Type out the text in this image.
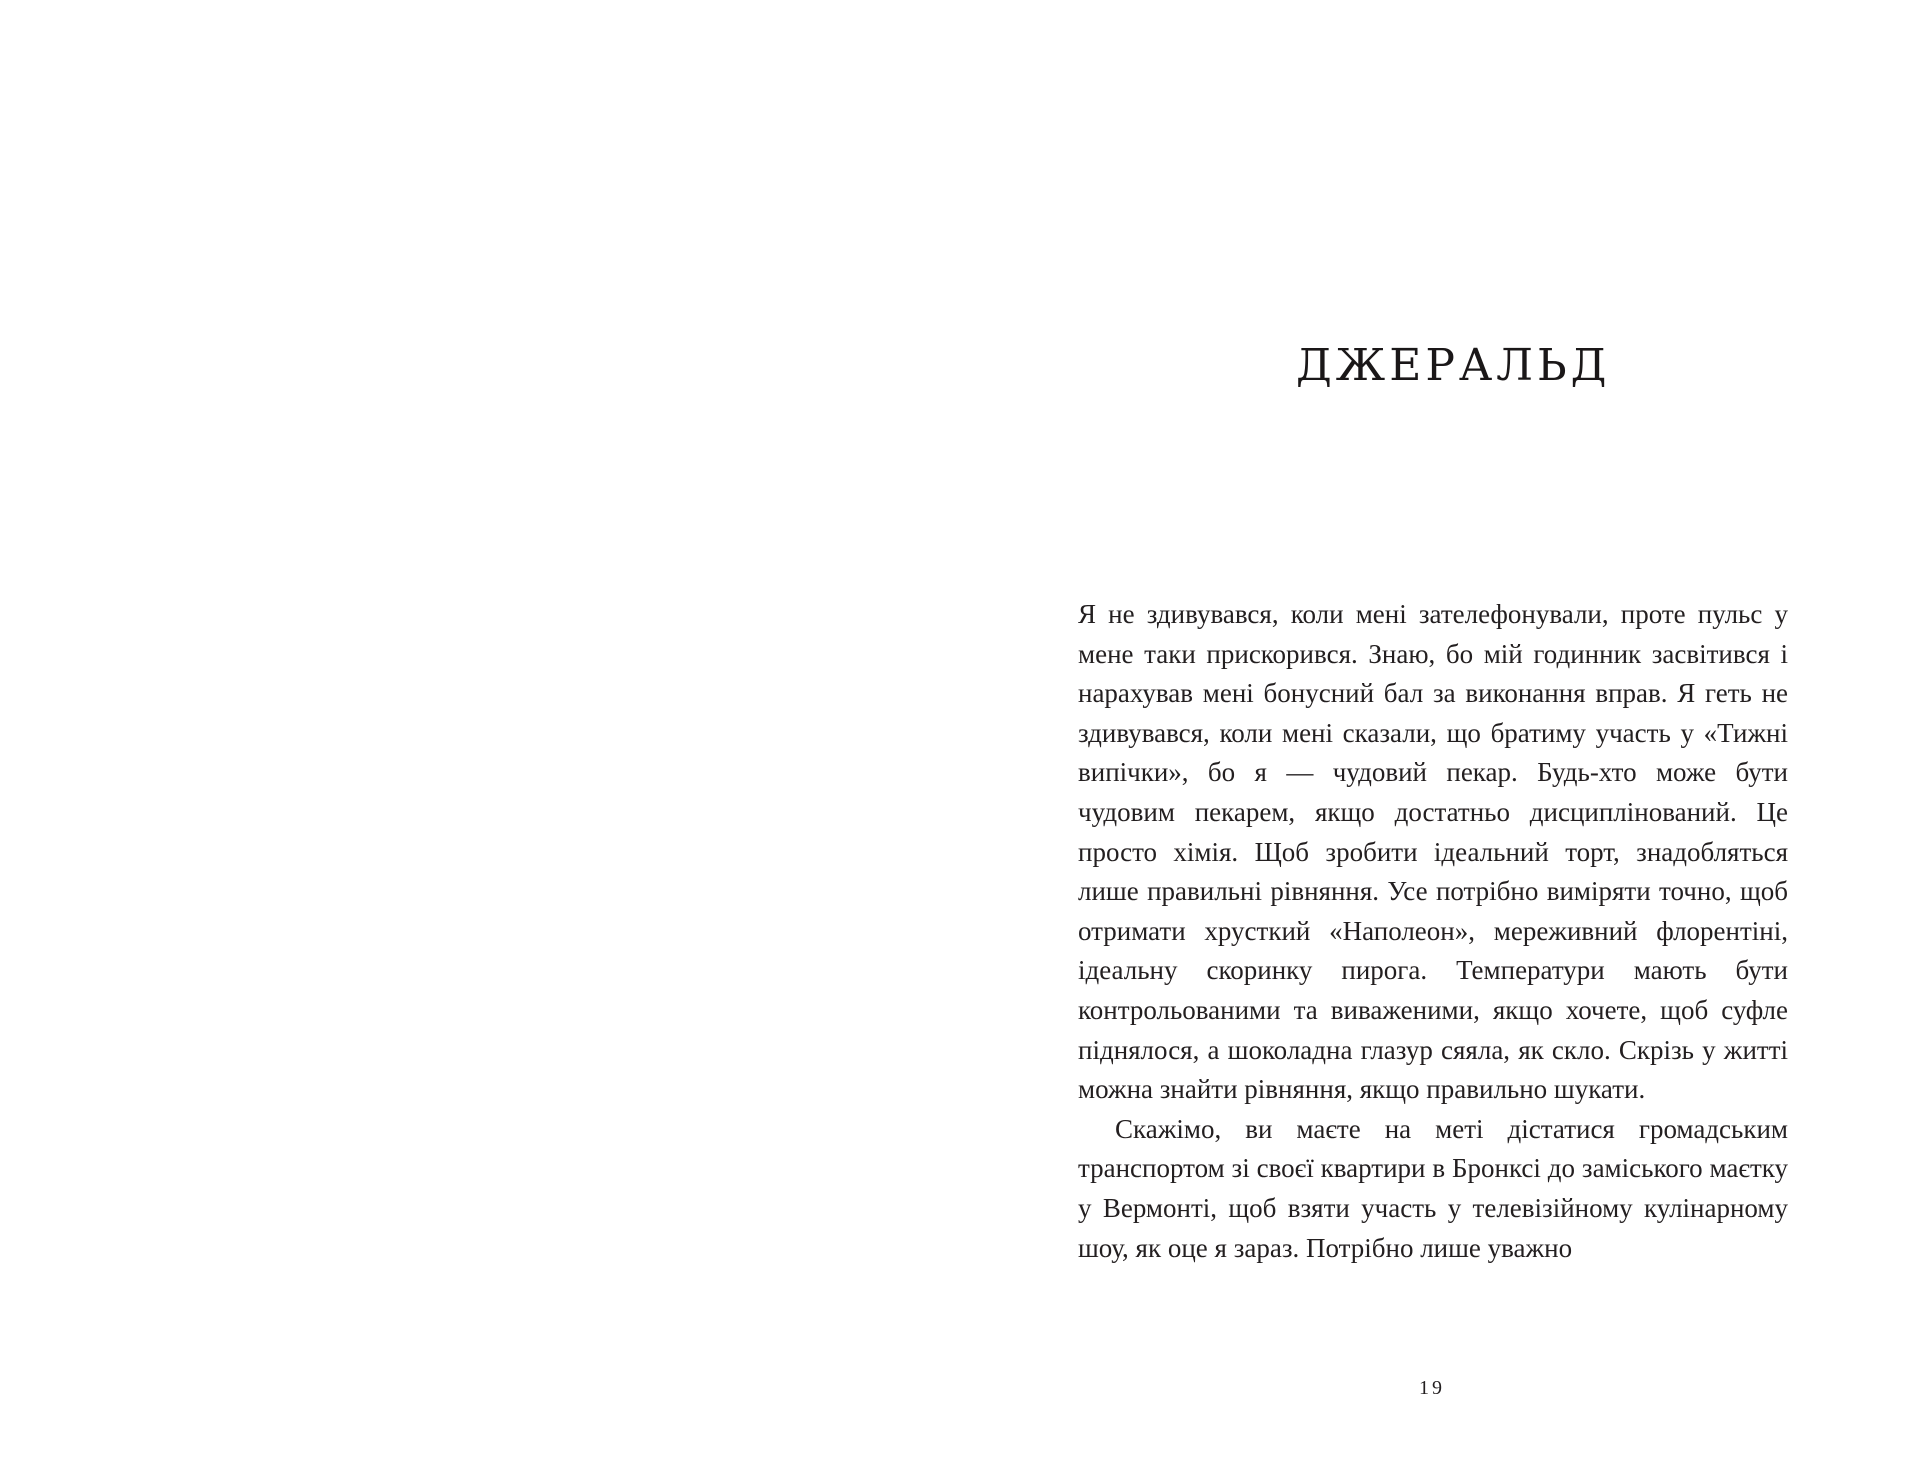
ДЖЕРАЛЬД

Я не здивувався, коли мені зателефонували, проте пульс у мене таки прискорився. Знаю, бо мій годинник засвітився і нарахував мені бонусний бал за виконання вправ. Я геть не здивувався, коли мені сказали, що братиму участь у «Тижні випічки», бо я — чудовий пекар. Будь-хто може бути чудовим пекарем, якщо достатньо дисциплінований. Це просто хімія. Щоб зробити ідеальний торт, знадобляться лише правильні рівняння. Усе потрібно виміряти точно, щоб отримати хрусткий «Наполеон», мереживний флорентіні, ідеальну скоринку пирога. Температури мають бути контрольованими та виваженими, якщо хочете, щоб суфле піднялося, а шоколадна глазур сяяла, як скло. Скрізь у житті можна знайти рівняння, якщо правильно шукати.

Скажімо, ви маєте на меті дістатися громадським транспортом зі своєї квартири в Бронксі до заміського маєтку у Вермонті, щоб взяти участь у телевізійному кулінарному шоу, як оце я зараз. Потрібно лише уважно

19
